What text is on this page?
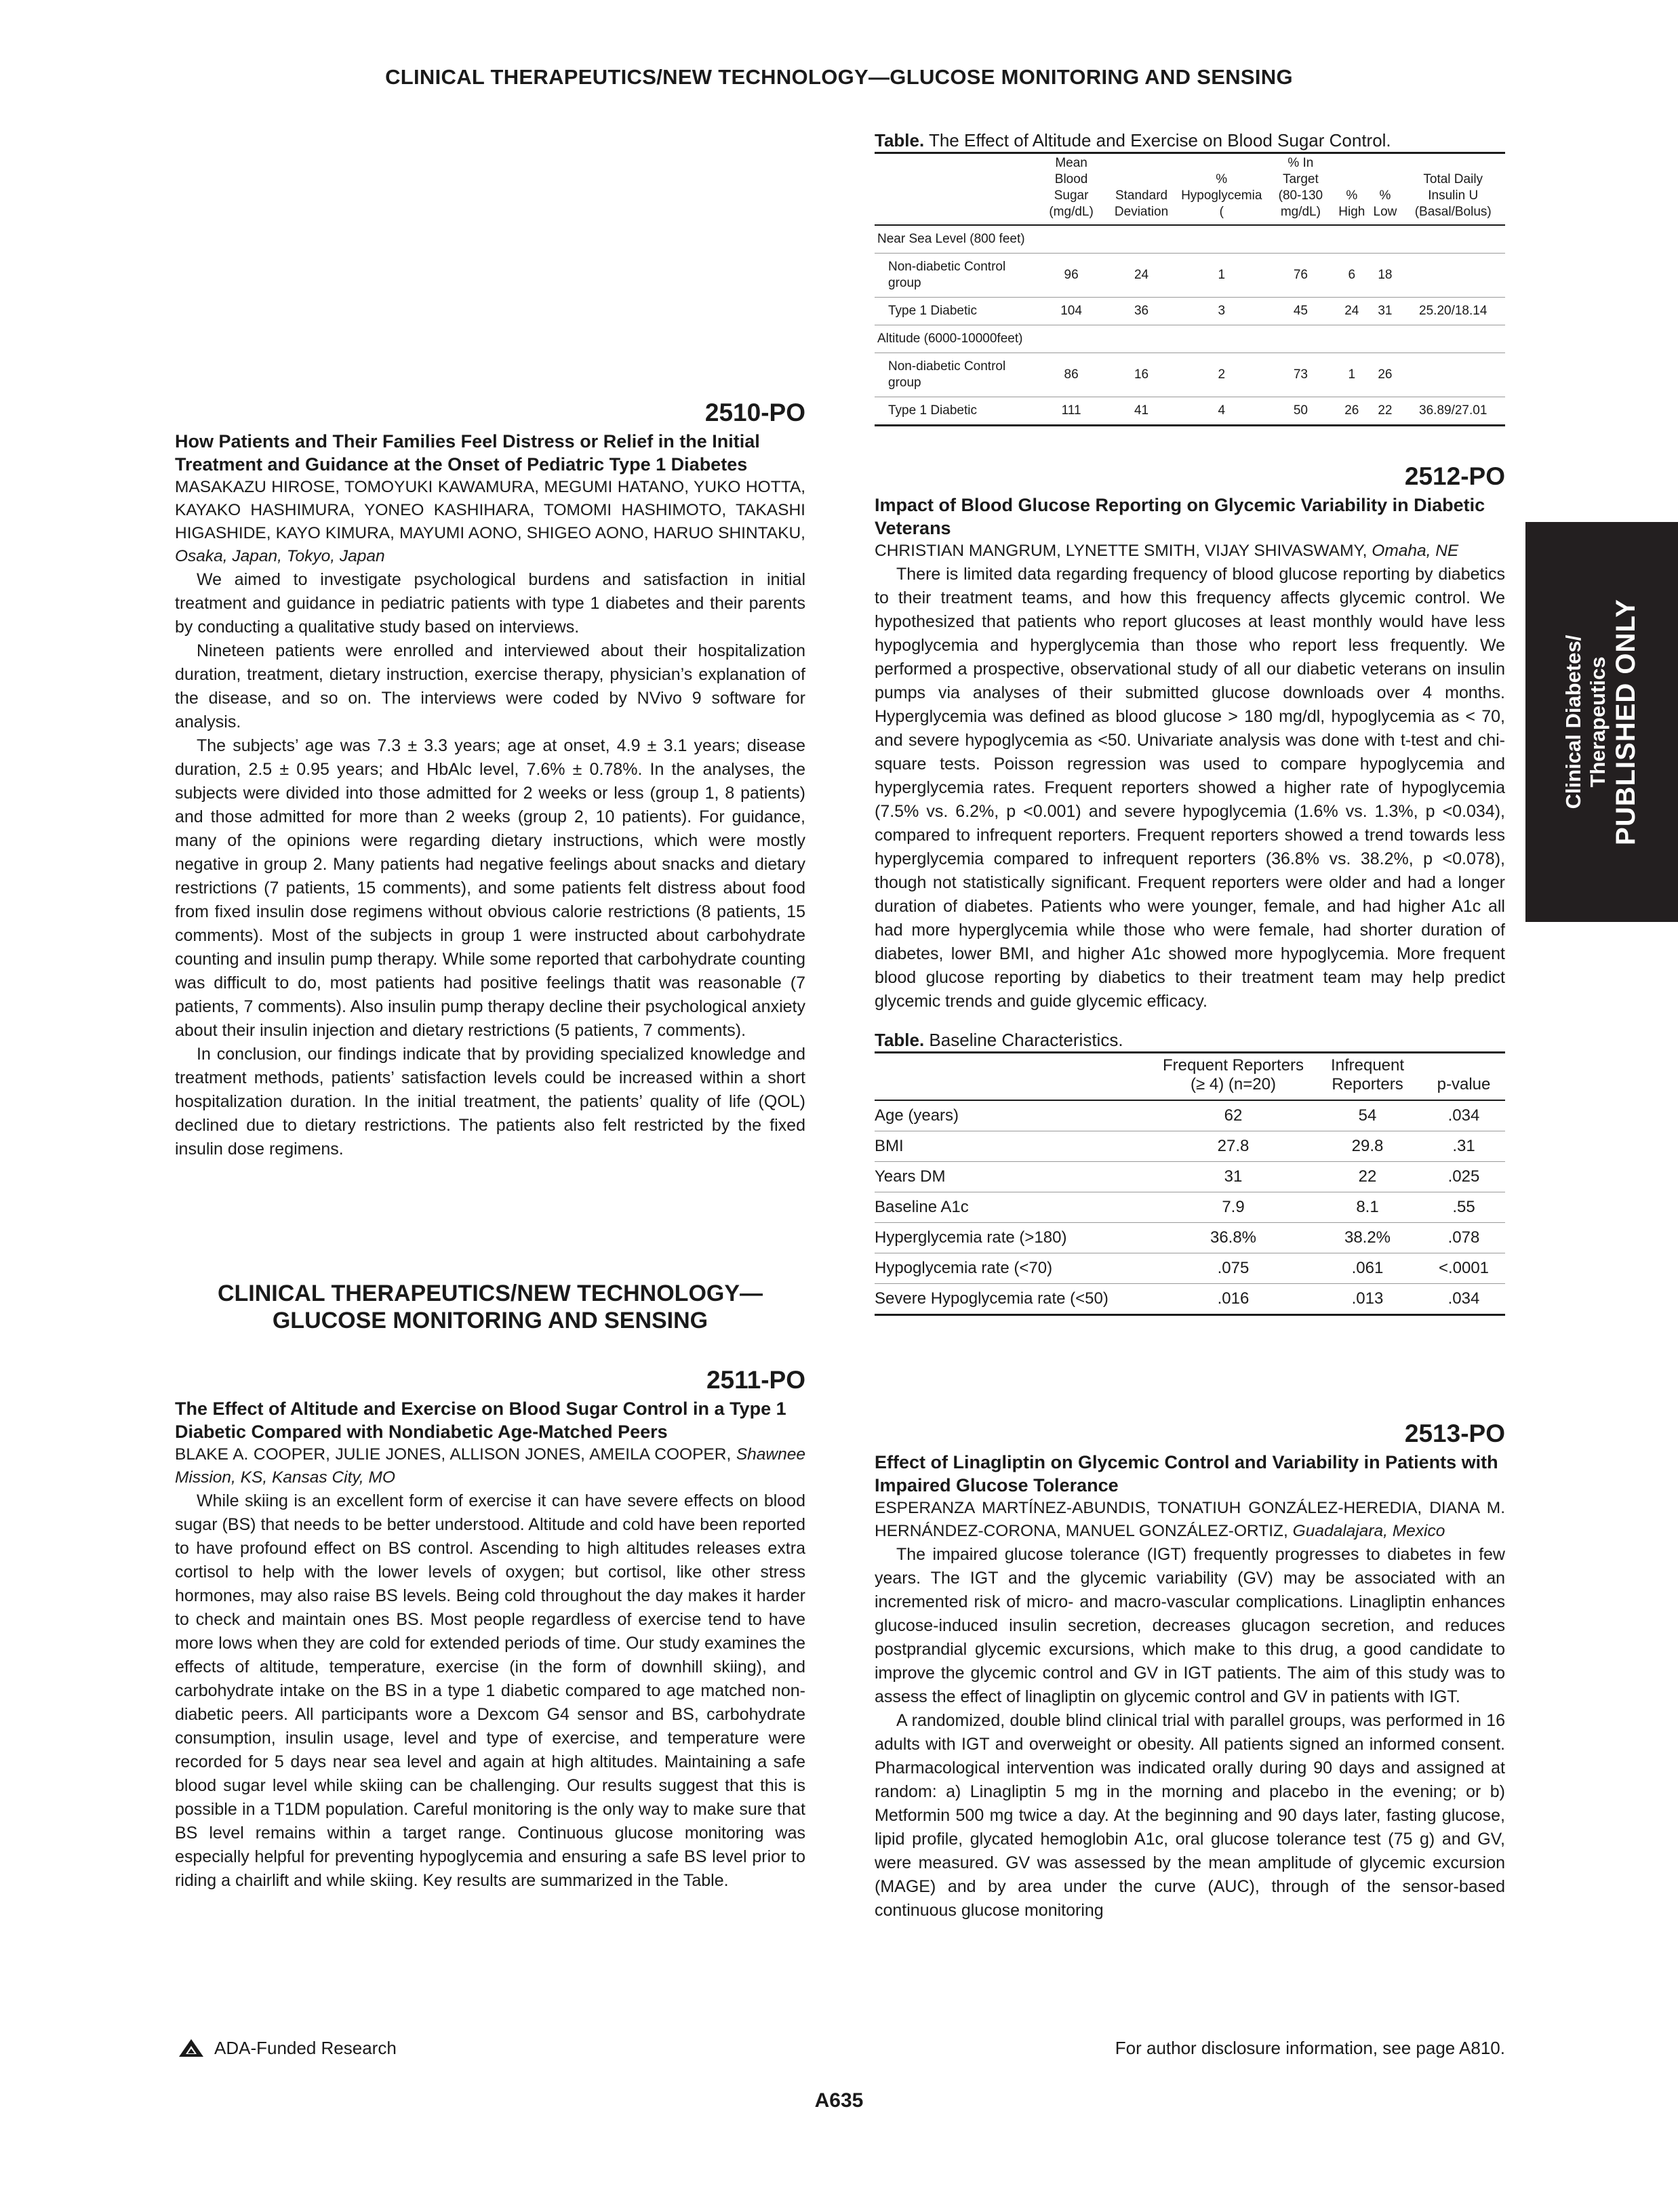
CLINICAL THERAPEUTICS/NEW TECHNOLOGY—GLUCOSE MONITORING AND SENSING

2510-PO

How Patients and Their Families Feel Distress or Relief in the Initial Treatment and Guidance at the Onset of Pediatric Type 1 Diabetes

MASAKAZU HIROSE, TOMOYUKI KAWAMURA, MEGUMI HATANO, YUKO HOTTA, KAYAKO HASHIMURA, YONEO KASHIHARA, TOMOMI HASHIMOTO, TAKASHI HIGASHIDE, KAYO KIMURA, MAYUMI AONO, SHIGEO AONO, HARUO SHINTAKU, Osaka, Japan, Tokyo, Japan

We aimed to investigate psychological burdens and satisfaction in initial treatment and guidance in pediatric patients with type 1 diabetes and their parents by conducting a qualitative study based on interviews.

Nineteen patients were enrolled and interviewed about their hospitalization duration, treatment, dietary instruction, exercise therapy, physician’s explanation of the disease, and so on. The interviews were coded by NVivo 9 software for analysis.

The subjects’ age was 7.3 ± 3.3 years; age at onset, 4.9 ± 3.1 years; disease duration, 2.5 ± 0.95 years; and HbAlc level, 7.6% ± 0.78%. In the analyses, the subjects were divided into those admitted for 2 weeks or less (group 1, 8 patients) and those admitted for more than 2 weeks (group 2, 10 patients). For guidance, many of the opinions were regarding dietary instructions, which were mostly negative in group 2. Many patients had negative feelings about snacks and dietary restrictions (7 patients, 15 comments), and some patients felt distress about food from fixed insulin dose regimens without obvious calorie restrictions (8 patients, 15 comments). Most of the subjects in group 1 were instructed about carbohydrate counting and insulin pump therapy. While some reported that carbohydrate counting was difficult to do, most patients had positive feelings thatit was reasonable (7 patients, 7 comments). Also insulin pump therapy decline their psychological anxiety about their insulin injection and dietary restrictions (5 patients, 7 comments).

In conclusion, our findings indicate that by providing specialized knowledge and treatment methods, patients’ satisfaction levels could be increased within a short hospitalization duration. In the initial treatment, the patients’ quality of life (QOL) declined due to dietary restrictions. The patients also felt restricted by the fixed insulin dose regimens.

CLINICAL THERAPEUTICS/NEW TECHNOLOGY—

GLUCOSE MONITORING AND SENSING

2511-PO

The Effect of Altitude and Exercise on Blood Sugar Control in a Type 1 Diabetic Compared with Nondiabetic Age-Matched Peers

BLAKE A. COOPER, JULIE JONES, ALLISON JONES, AMEILA COOPER, Shawnee Mission, KS, Kansas City, MO

While skiing is an excellent form of exercise it can have severe effects on blood sugar (BS) that needs to be better understood. Altitude and cold have been reported to have profound effect on BS control. Ascending to high altitudes releases extra cortisol to help with the lower levels of oxygen; but cortisol, like other stress hormones, may also raise BS levels. Being cold throughout the day makes it harder to check and maintain ones BS. Most people regardless of exercise tend to have more lows when they are cold for extended periods of time. Our study examines the effects of altitude, temperature, exercise (in the form of downhill skiing), and carbohydrate intake on the BS in a type 1 diabetic compared to age matched non-diabetic peers. All participants wore a Dexcom G4 sensor and BS, carbohydrate consumption, insulin usage, level and type of exercise, and temperature were recorded for 5 days near sea level and again at high altitudes. Maintaining a safe blood sugar level while skiing can be challenging. Our results suggest that this is possible in a T1DM population. Careful monitoring is the only way to make sure that BS level remains within a target range. Continuous glucose monitoring was especially helpful for preventing hypoglycemia and ensuring a safe BS level prior to riding a chairlift and while skiing. Key results are summarized in the Table.

Table. The Effect of Altitude and Exercise on Blood Sugar Control.

	Mean Blood Sugar (mg/dL)	Standard Deviation	% Hypoglycemia (	% In Target (80-130 mg/dL)	% High	% Low	Total Daily Insulin U (Basal/Bolus)
Near Sea Level (800 feet)							
Non-diabetic Control group	96	24	1	76	6	18	
Type 1 Diabetic	104	36	3	45	24	31	25.20/18.14
Altitude (6000-10000feet)							
Non-diabetic Control group	86	16	2	73	1	26	
Type 1 Diabetic	111	41	4	50	26	22	36.89/27.01

2512-PO

Impact of Blood Glucose Reporting on Glycemic Variability in Diabetic Veterans

CHRISTIAN MANGRUM, LYNETTE SMITH, VIJAY SHIVASWAMY, Omaha, NE

There is limited data regarding frequency of blood glucose reporting by diabetics to their treatment teams, and how this frequency affects glycemic control. We hypothesized that patients who report glucoses at least monthly would have less hypoglycemia and hyperglycemia than those who report less frequently. We performed a prospective, observational study of all our diabetic veterans on insulin pumps via analyses of their submitted glucose downloads over 4 months. Hyperglycemia was defined as blood glucose > 180 mg/dl, hypoglycemia as < 70, and severe hypoglycemia as <50. Univariate analysis was done with t-test and chi-square tests. Poisson regression was used to compare hypoglycemia and hyperglycemia rates. Frequent reporters showed a higher rate of hypoglycemia (7.5% vs. 6.2%, p <0.001) and severe hypoglycemia (1.6% vs. 1.3%, p <0.034), compared to infrequent reporters. Frequent reporters showed a trend towards less hyperglycemia compared to infrequent reporters (36.8% vs. 38.2%, p <0.078), though not statistically significant. Frequent reporters were older and had a longer duration of diabetes. Patients who were younger, female, and had higher A1c all had more hyperglycemia while those who were female, had shorter duration of diabetes, lower BMI, and higher A1c showed more hypoglycemia. More frequent blood glucose reporting by diabetics to their treatment team may help predict glycemic trends and guide glycemic efficacy.

Table. Baseline Characteristics.

	Frequent Reporters (≥ 4) (n=20)	Infrequent Reporters	p-value
Age (years)	62	54	.034
BMI	27.8	29.8	.31
Years DM	31	22	.025
Baseline A1c	7.9	8.1	.55
Hyperglycemia rate (>180)	36.8%	38.2%	.078
Hypoglycemia rate (<70)	.075	.061	<.0001
Severe Hypoglycemia rate (<50)	.016	.013	.034

2513-PO

Effect of Linagliptin on Glycemic Control and Variability in Patients with Impaired Glucose Tolerance

ESPERANZA MARTÍNEZ-ABUNDIS, TONATIUH GONZÁLEZ-HEREDIA, DIANA M. HERNÁNDEZ-CORONA, MANUEL GONZÁLEZ-ORTIZ, Guadalajara, Mexico

The impaired glucose tolerance (IGT) frequently progresses to diabetes in few years. The IGT and the glycemic variability (GV) may be associated with an incremented risk of micro- and macro-vascular complications. Linagliptin enhances glucose-induced insulin secretion, decreases glucagon secretion, and reduces postprandial glycemic excursions, which make to this drug, a good candidate to improve the glycemic control and GV in IGT patients. The aim of this study was to assess the effect of linagliptin on glycemic control and GV in patients with IGT.

A randomized, double blind clinical trial with parallel groups, was performed in 16 adults with IGT and overweight or obesity. All patients signed an informed consent. Pharmacological intervention was indicated orally during 90 days and assigned at random: a) Linagliptin 5 mg in the morning and placebo in the evening; or b) Metformin 500 mg twice a day. At the beginning and 90 days later, fasting glucose, lipid profile, glycated hemoglobin A1c, oral glucose tolerance test (75 g) and GV, were measured. GV was assessed by the mean amplitude of glycemic excursion (MAGE) and by area under the curve (AUC), through of the sensor-based continuous glucose monitoring

Clinical Diabetes/ Therapeutics PUBLISHED ONLY
ADA-Funded Research	For author disclosure information, see page A810.
A635
